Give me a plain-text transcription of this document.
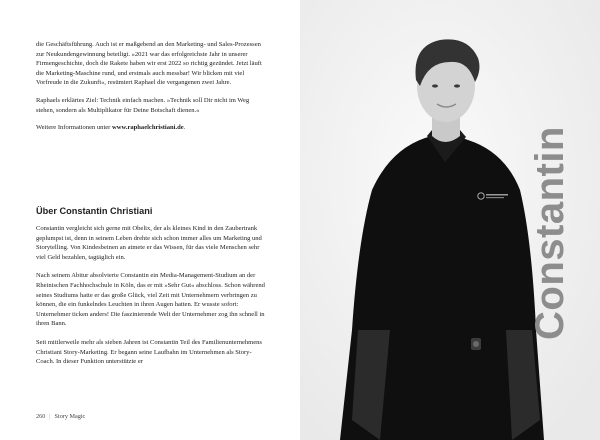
die Geschäftsführung. Auch ist er maßgebend an den Marketing- und Sales-Prozessen zur Neukundengewinnung beteiligt. »2021 war das erfolgreichste Jahr in unserer Firmengeschichte, doch die Rakete haben wir erst 2022 so richtig gezündet. Jetzt läuft die Marketing-Maschine rund, und erstmals auch messbar! Wir blicken mit viel Vorfreude in die Zukunft«, resümiert Raphael die vergangenen zwei Jahre.

Raphaels erklärtes Ziel: Technik einfach machen. »Technik soll Dir nicht im Weg stehen, sondern als Multiplikator für Deine Botschaft dienen.«

Weitere Informationen unter www.raphaelchristiani.de.

Über Constantin Christiani

Constantin vergleicht sich gerne mit Obelix, der als kleines Kind in den Zaubertrank geplumpst ist, denn in seinem Leben drehte sich schon immer alles um Marketing und Storytelling. Von Kindesbeinen an atmete er das Wissen, für das viele Menschen sehr viel Geld bezahlen, tagtäglich ein.

Nach seinem Abitur absolvierte Constantin ein Media-Management-Studium an der Rheinischen Fachhochschule in Köln, das er mit »Sehr Gut« abschloss. Schon während seines Studiums hatte er das große Glück, viel Zeit mit Unternehmern verbringen zu können, die ein funkelndes Leuchten in ihren Augen hatten. Er wusste sofort: Unternehmer ticken anders! Die faszinierende Welt der Unternehmer zog ihn schnell in ihren Bann.

Seit mittlerweile mehr als sieben Jahren ist Constantin Teil des Familienunternehmens Christiani Story-Marketing. Er begann seine Laufbahn im Unternehmen als Story-Coach. In dieser Funktion unterstützte er

260 | Story Magic
Constantin
